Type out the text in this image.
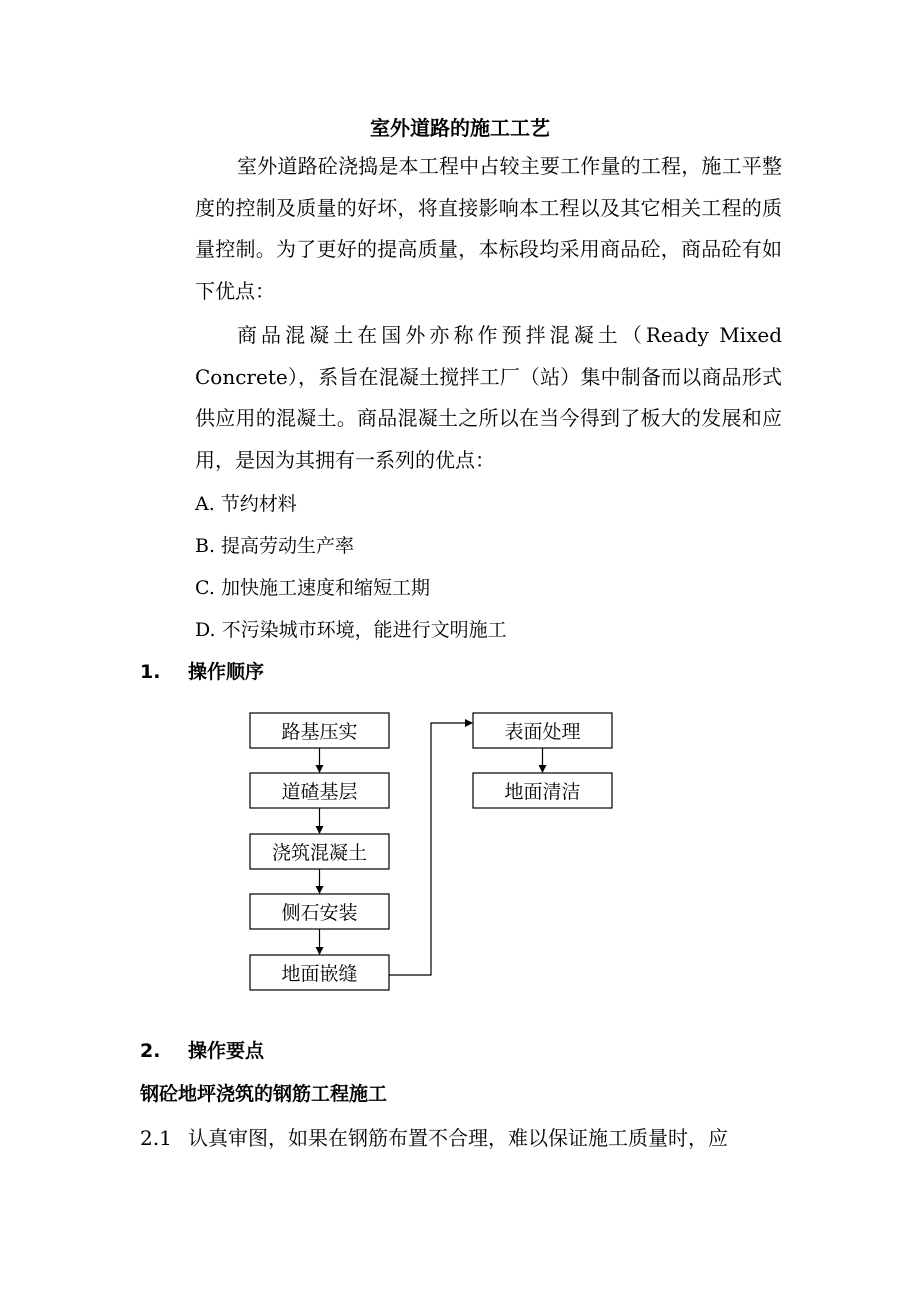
室外道路的施工工艺

室外道路砼浇捣是本工程中占较主要工作量的工程，施工平整度的控制及质量的好坏，将直接影响本工程以及其它相关工程的质量控制。为了更好的提高质量，本标段均采用商品砼，商品砼有如下优点：

商品混凝土在国外亦称作预拌混凝土（Ready Mixed Concrete），系旨在混凝土搅拌工厂（站）集中制备而以商品形式供应用的混凝土。商品混凝土之所以在当今得到了板大的发展和应用，是因为其拥有一系列的优点：

A. 节约材料
B. 提高劳动生产率
C. 加快施工速度和缩短工期
D. 不污染城市环境，能进行文明施工
1. 操作顺序
路基压实
道碴基层
浇筑混凝土
侧石安装
地面嵌缝
表面处理
地面清洁
2. 操作要点
钢砼地坪浇筑的钢筋工程施工
2.1 认真审图，如果在钢筋布置不合理，难以保证施工质量时，应
